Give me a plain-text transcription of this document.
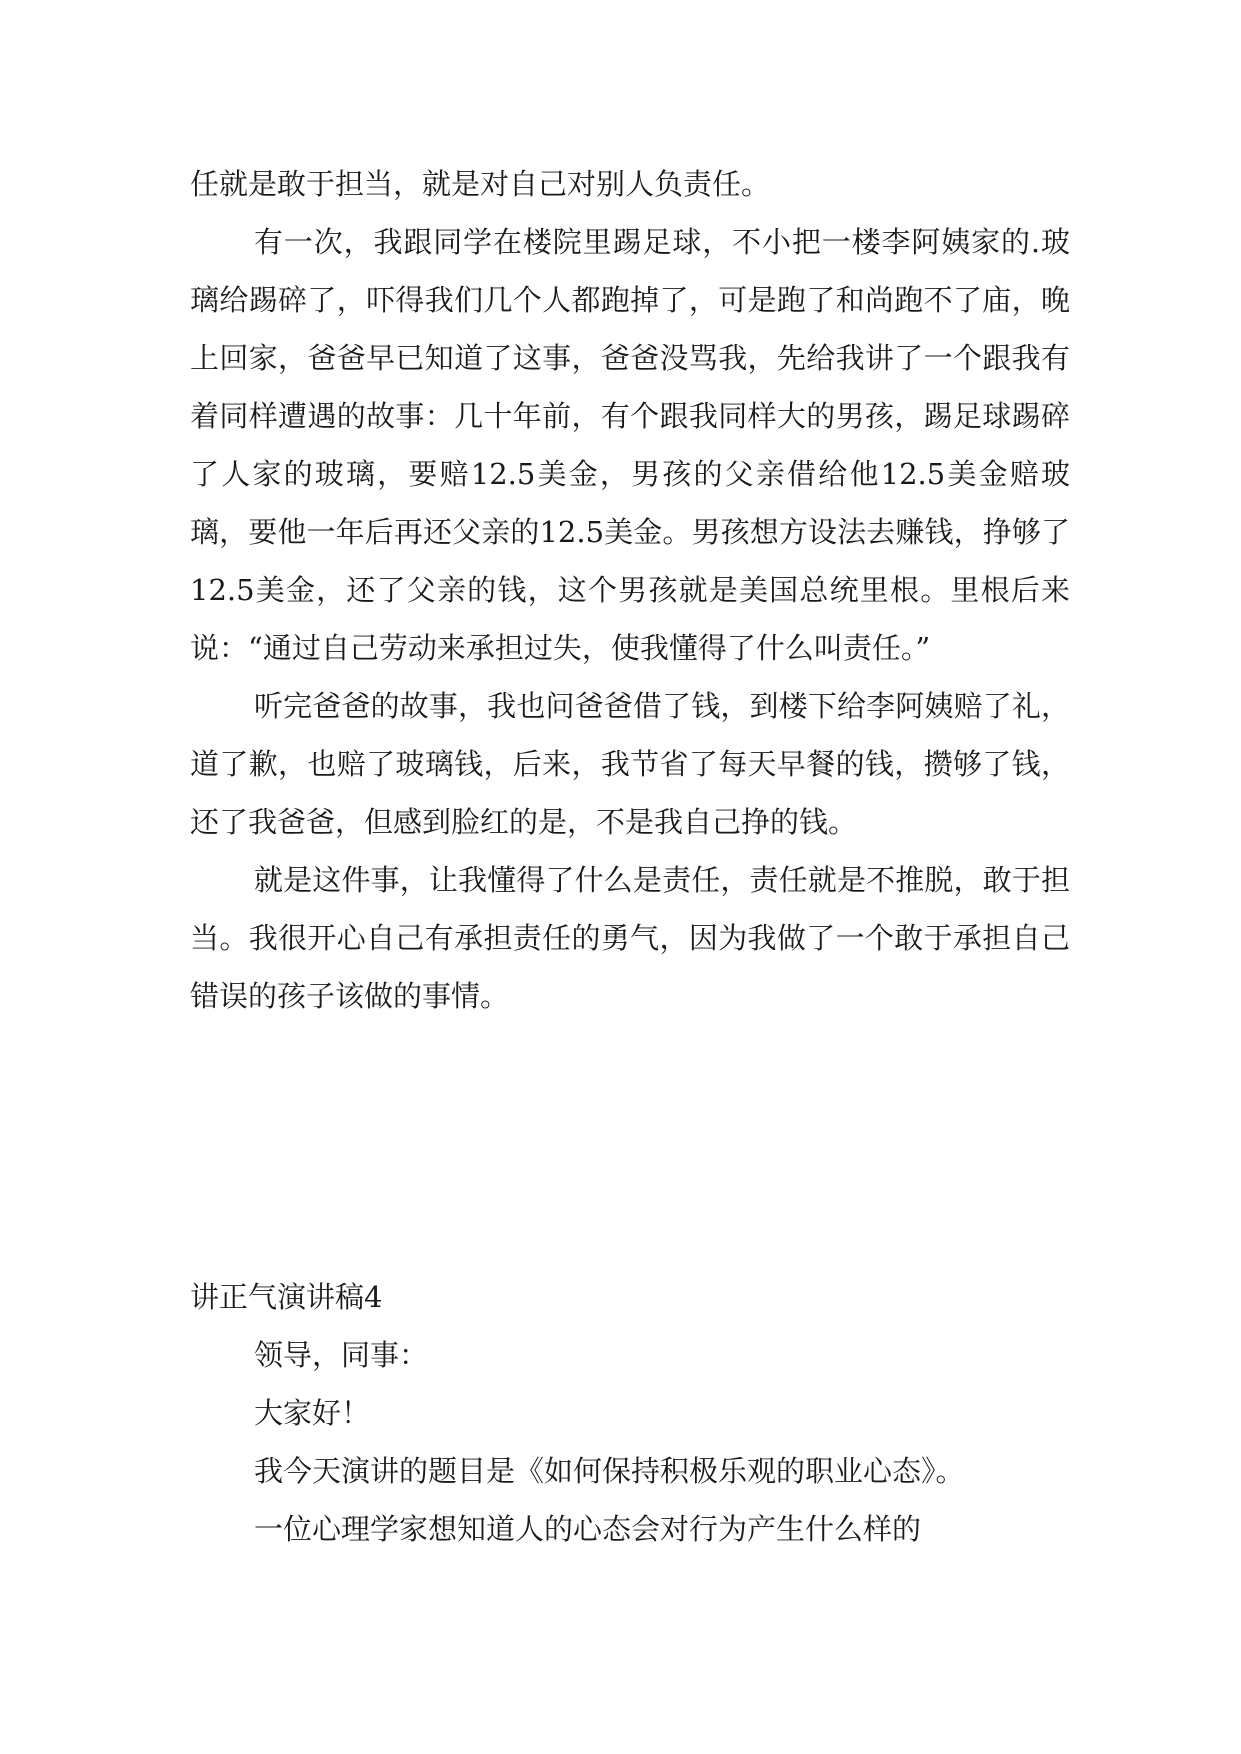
任就是敢于担当，就是对自己对别人负责任。

有一次，我跟同学在楼院里踢足球，不小把一楼李阿姨家的.玻璃给踢碎了，吓得我们几个人都跑掉了，可是跑了和尚跑不了庙，晚上回家，爸爸早已知道了这事，爸爸没骂我，先给我讲了一个跟我有着同样遭遇的故事：几十年前，有个跟我同样大的男孩，踢足球踢碎了人家的玻璃，要赔12.5美金，男孩的父亲借给他12.5美金赔玻璃，要他一年后再还父亲的12.5美金。男孩想方设法去赚钱，挣够了12.5美金，还了父亲的钱，这个男孩就是美国总统里根。里根后来说：“通过自己劳动来承担过失，使我懂得了什么叫责任。”

听完爸爸的故事，我也问爸爸借了钱，到楼下给李阿姨赔了礼，道了歉，也赔了玻璃钱，后来，我节省了每天早餐的钱，攒够了钱，还了我爸爸，但感到脸红的是，不是我自己挣的钱。

就是这件事，让我懂得了什么是责任，责任就是不推脱，敢于担当。我很开心自己有承担责任的勇气，因为我做了一个敢于承担自己错误的孩子该做的事情。

讲正气演讲稿4
领导，同事：
大家好！
我今天演讲的题目是《如何保持积极乐观的职业心态》。
一位心理学家想知道人的心态会对行为产生什么样的
